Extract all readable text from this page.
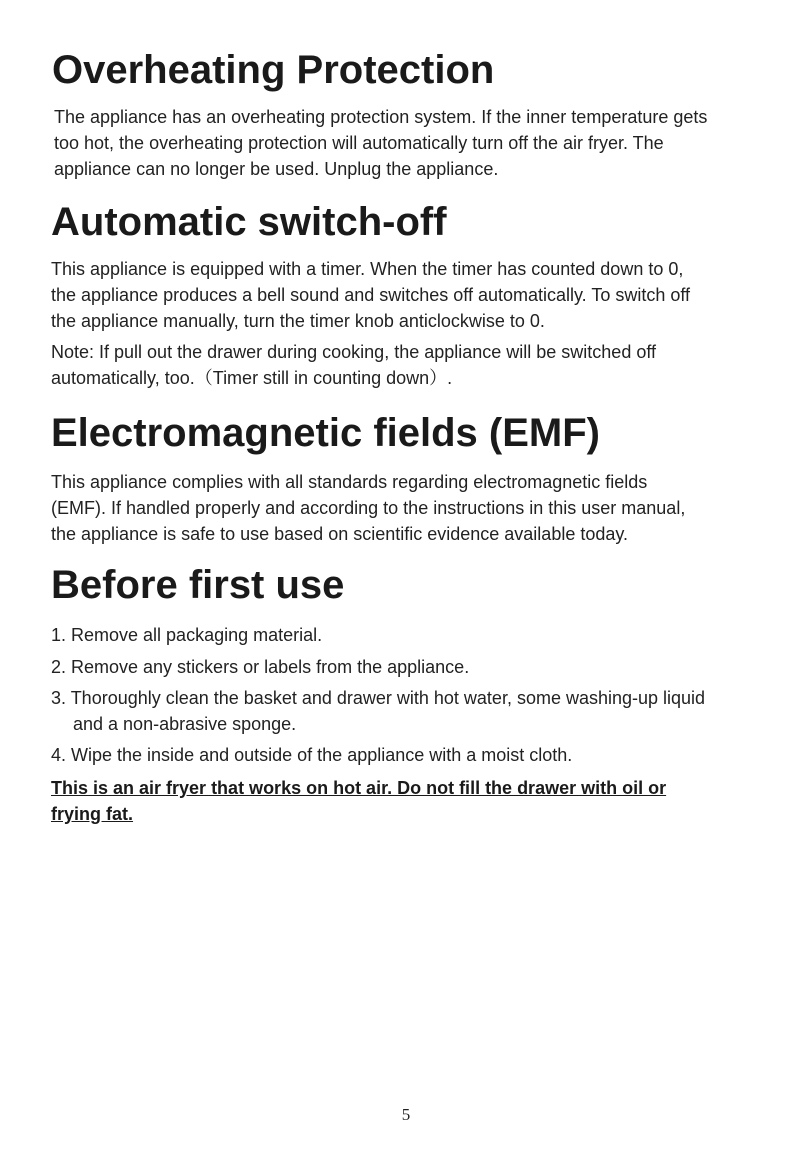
Overheating Protection
The appliance has an overheating protection system. If the inner temperature gets
too hot, the overheating protection will automatically turn off the air fryer. The
appliance can no longer be used. Unplug the appliance.
Automatic switch-off
This appliance is equipped with a timer. When the timer has counted down to 0,
the appliance produces a bell sound and switches off automatically. To switch off
the appliance manually, turn the timer knob anticlockwise to 0.
Note: If pull out the drawer during cooking, the appliance will be switched off
automatically, too.（Timer still in counting down）.
Electromagnetic fields (EMF)
This appliance complies with all standards regarding electromagnetic fields
(EMF). If handled properly and according to the instructions in this user manual,
the appliance is safe to use based on scientific evidence available today.
Before first use
1. Remove all packaging material.
2. Remove any stickers or labels from the appliance.
3. Thoroughly clean the basket and drawer with hot water, some washing-up liquid
and a non-abrasive sponge.
4. Wipe the inside and outside of the appliance with a moist cloth.
This is an air fryer that works on hot air. Do not fill the drawer with oil or
frying fat.
5
